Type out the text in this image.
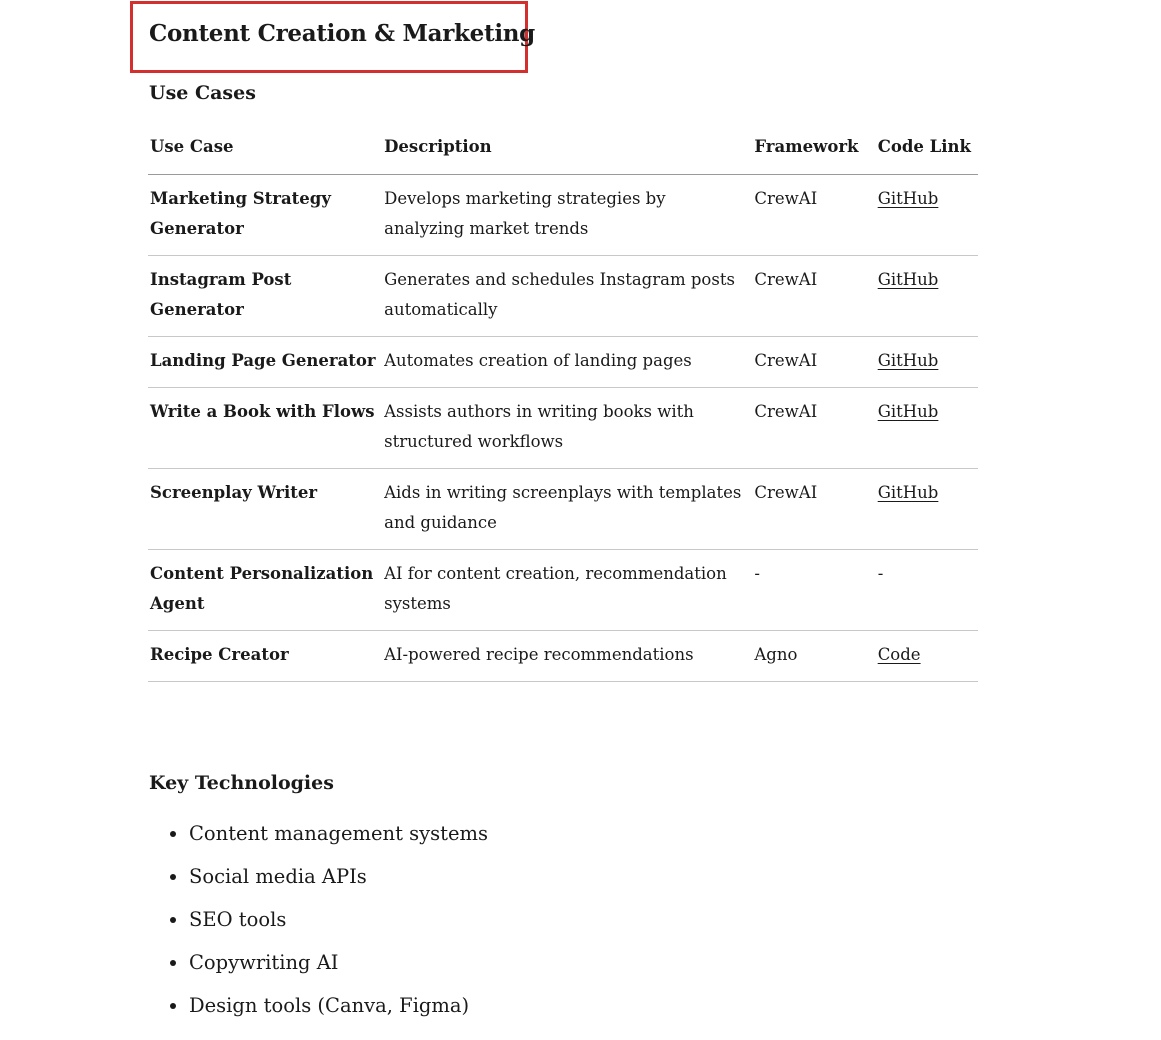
Content Creation & Marketing
Use Cases
Use Case	Description	Framework	Code Link
Marketing Strategy Generator	Develops marketing strategies by analyzing market trends	CrewAI	GitHub
Instagram Post Generator	Generates and schedules Instagram posts automatically	CrewAI	GitHub
Landing Page Generator	Automates creation of landing pages	CrewAI	GitHub
Write a Book with Flows	Assists authors in writing books with structured workflows	CrewAI	GitHub
Screenplay Writer	Aids in writing screenplays with templates and guidance	CrewAI	GitHub
Content Personalization Agent	AI for content creation, recommendation systems	-	-
Recipe Creator	AI-powered recipe recommendations	Agno	Code
Key Technologies
• Content management systems
• Social media APIs
• SEO tools
• Copywriting AI
• Design tools (Canva, Figma)
